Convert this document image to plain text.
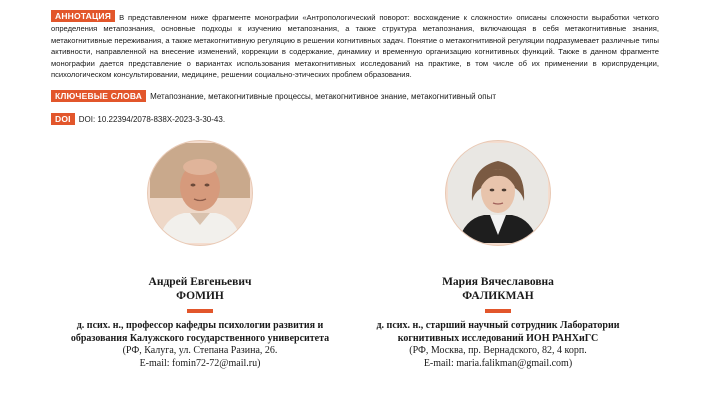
АННОТАЦИЯ В представленном ниже фрагменте монографии «Антропологический поворот: восхождение к сложности» описаны сложности выработки четкого определения метапознания, основные подходы к изучению метапознания, а также структура метапознания, включающая в себя метакогнитивные знания, метакогнитивные переживания, а также метакогнитивную регуляцию в решении когнитивных задач. Понятие о метакогнитивной регуляции подразумевает различные типы активности, направленной на внесение изменений, коррекции в содержание, динамику и временную организацию когнитивных функций. Также в данном фрагменте монографии дается представление о вариантах использования метакогнитивных исследований на практике, в том числе об их применении в юриспруденции, психологическом консультировании, медицине, решении социально-этических проблем образования.
КЛЮЧЕВЫЕ СЛОВА Метапознание, метакогнитивные процессы, метакогнитивное знание, метакогнитивный опыт
DOI DOI: 10.22394/2078-838X-2023-3-30-43.
Андрей Евгеньевич
ФОМИН
д. псих. н., профессор кафедры психологии развития и образования Калужского государственного университета
(РФ, Калуга, ул. Степана Разина, 26.
E-mail: fomin72-72@mail.ru)
Мария Вячеславовна
ФАЛИКМАН
д. псих. н., старший научный сотрудник Лаборатории когнитивных исследований ИОН РАНХиГС
(РФ, Москва, пр. Вернадского, 82, 4 корп.
E-mail: maria.falikman@gmail.com)
